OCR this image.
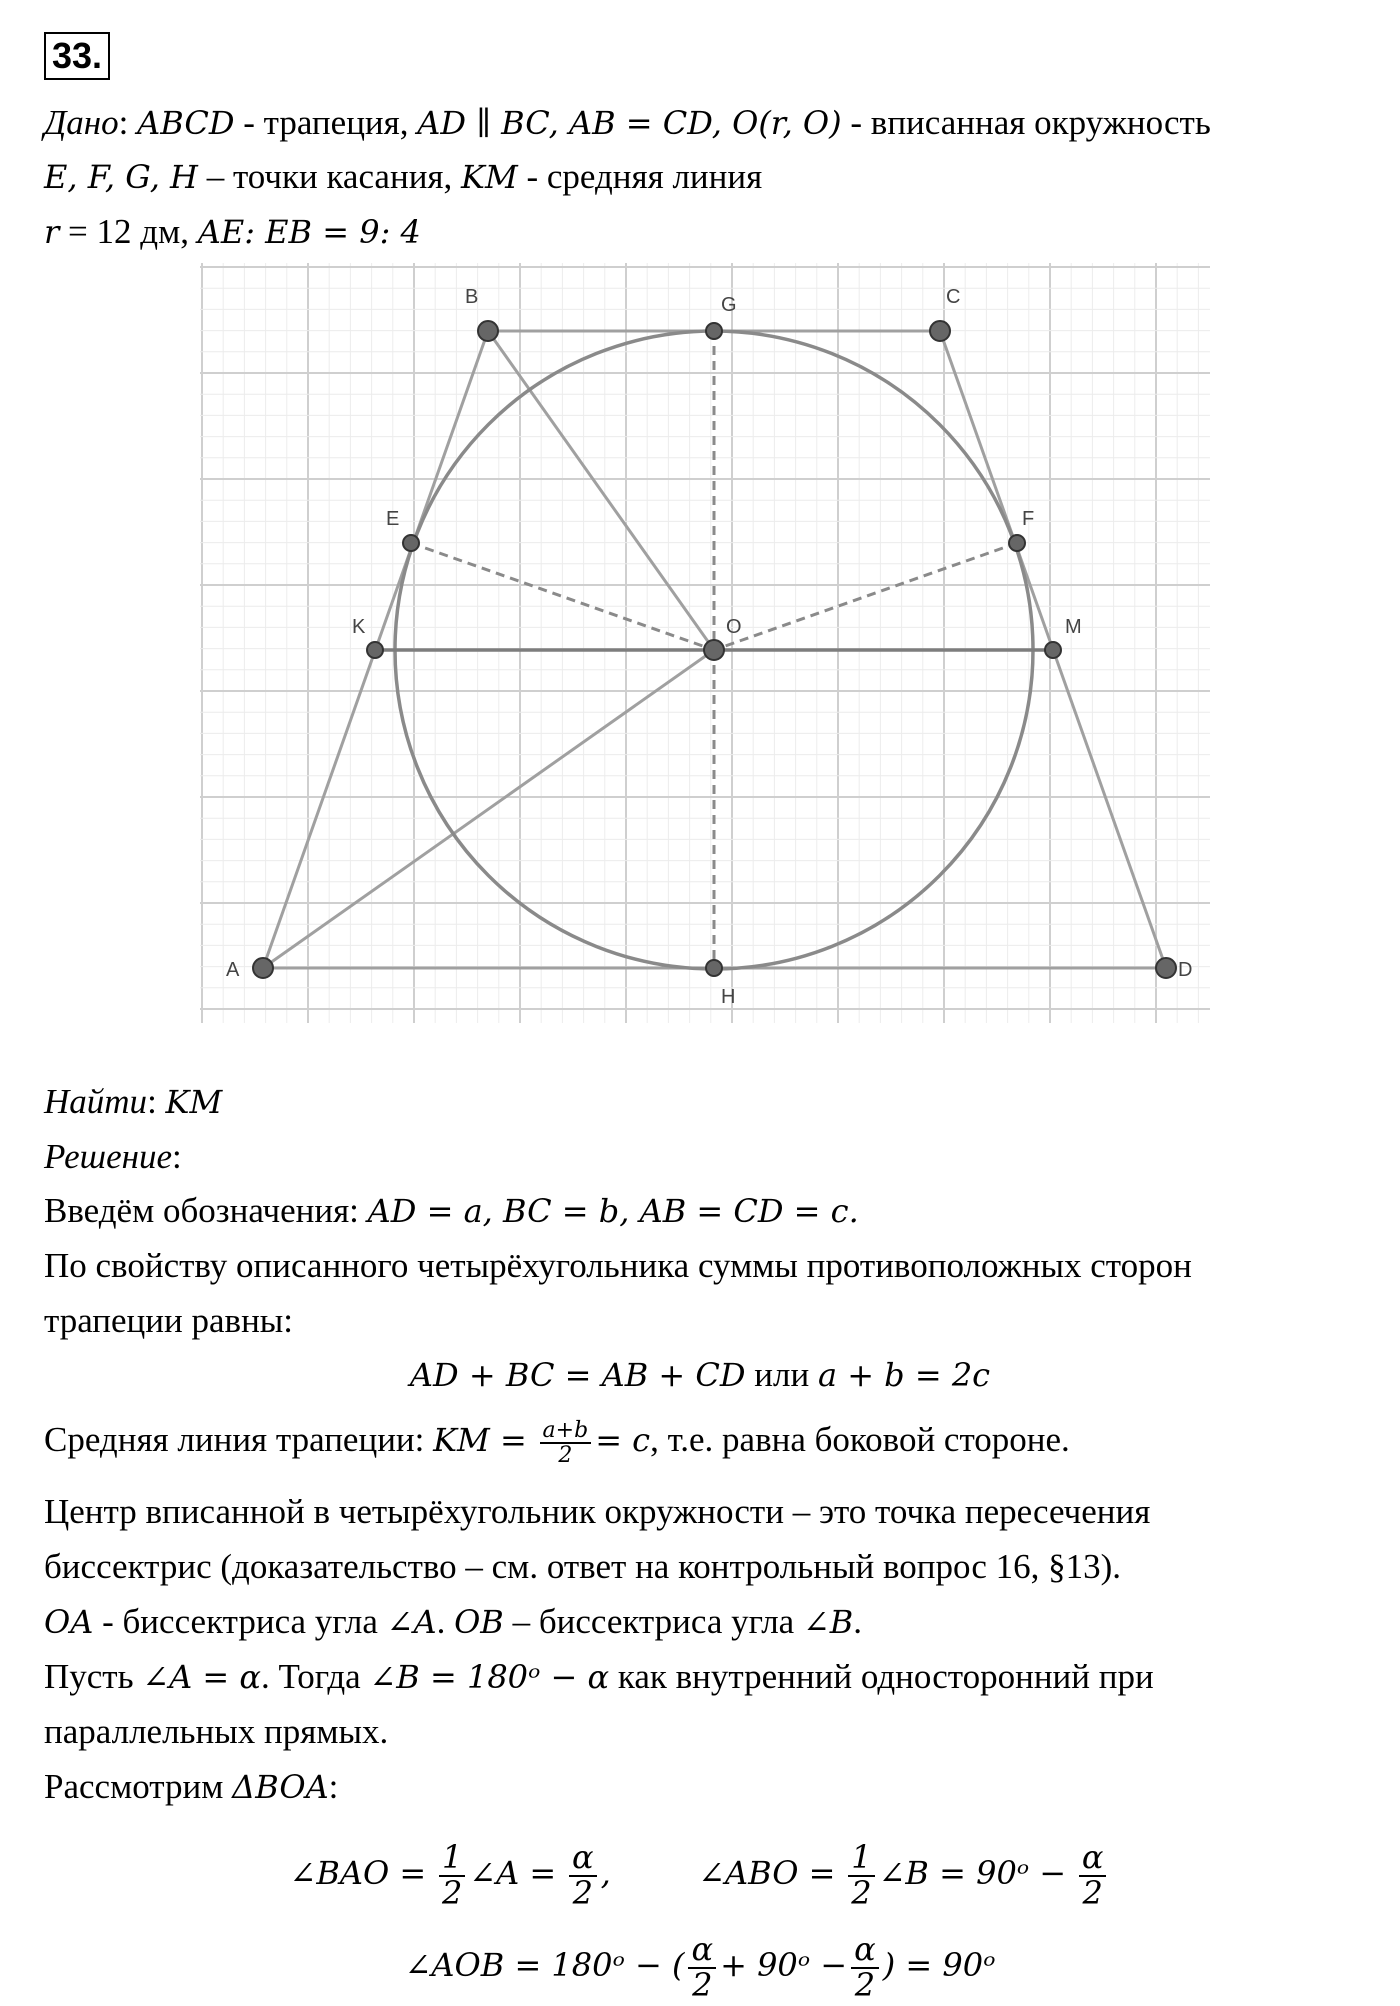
33.
Дано: ABCD - трапеция, AD ∥ BC, AB = CD, O(r, O) - вписанная окружность
E, F, G, H – точки касания, KM - средняя линия
r = 12 дм, AE: EB = 9: 4
A	D
B	C
G
H
E	F
K	M
O
Найти: KM
Решение:
Введём обозначения: AD = a, BC = b, AB = CD = c.
По свойству описанного четырёхугольника суммы противоположных сторон
трапеции равны:
AD + BC = AB + CD или a + b = 2c
Средняя линия трапеции: KM = $\frac{a+b}{2} = c$, т.е. равна боковой стороне.
Центр вписанной в четырёхугольник окружности – это точка пересечения
биссектрис (доказательство – см. ответ на контрольный вопрос 16, §13).
OA - биссектриса угла ∠A. OB – биссектриса угла ∠B.
Пусть ∠A = α. Тогда ∠B = 180ᵒ − α как внутренний односторонний при
параллельных прямых.
Рассмотрим ΔBOA:
∠BAO = $\frac{1}{2}$ ∠A = $\frac{\alpha}{2}$ ,	∠ABO = $\frac{1}{2}$ ∠B = 90ᵒ − $\frac{\alpha}{2}$
∠AOB = 180ᵒ − ( $\frac{\alpha}{2}$ + 90ᵒ − $\frac{\alpha}{2}$ ) = 90ᵒ
